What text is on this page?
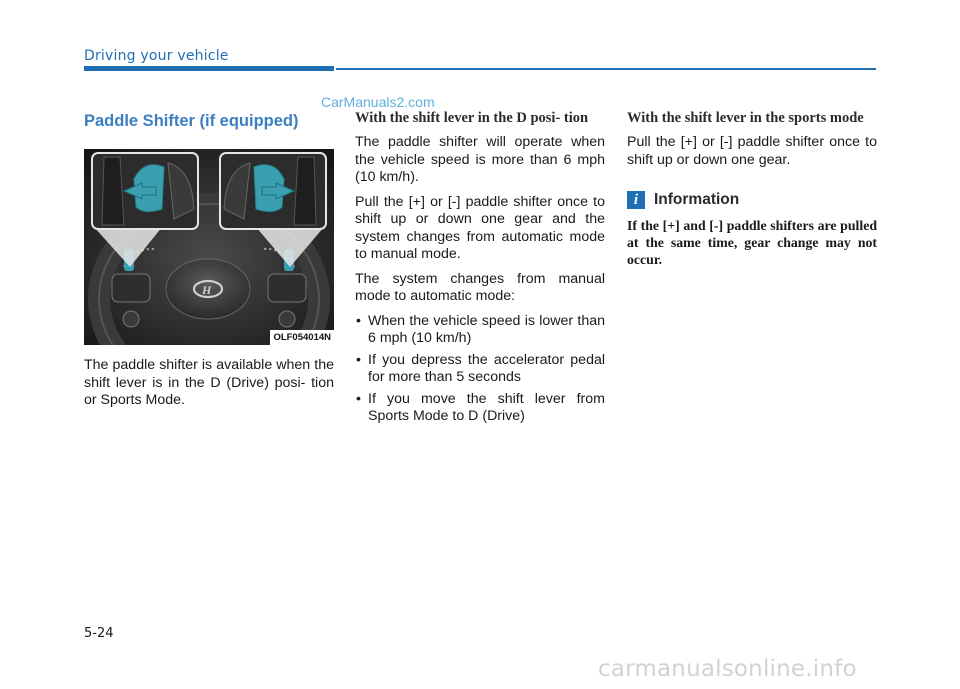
Driving your vehicle
CarManuals2.com
Paddle Shifter (if equipped)
H
OLF054014N

The paddle shifter is available when the shift lever is in the D (Drive) posi- tion or Sports Mode.

With the shift lever in the D posi- tion

The paddle shifter will operate when the vehicle speed is more than 6 mph (10 km/h).

Pull the [+] or [-] paddle shifter once to shift up or down one gear and the system changes from automatic mode to manual mode.

The system changes from manual mode to automatic mode:

• When the vehicle speed is lower than 6 mph (10 km/h)
• If you depress the accelerator pedal for more than 5 seconds
• If you move the shift lever from Sports Mode to D (Drive)
With the shift lever in the sports mode

Pull the [+] or [-] paddle shifter once to shift up or down one gear.

i	Information

If the [+] and [-] paddle shifters are pulled at the same time, gear change may not occur.

5-24
carmanualsonline.info
